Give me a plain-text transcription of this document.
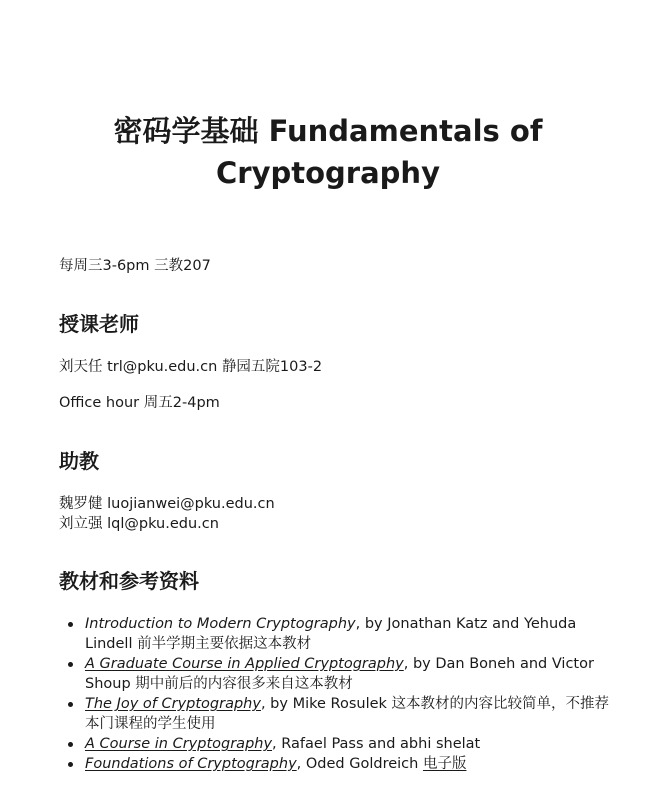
密码学基础 Fundamentals of
Cryptography

每周三3-6pm 三教207

授课老师

刘天任 trl@pku.edu.cn 静园五院103-2

Office hour 周五2-4pm

助教

魏罗健 luojianwei@pku.edu.cn

刘立强 lql@pku.edu.cn

教材和参考资料
Introduction to Modern Cryptography, by Jonathan Katz and Yehuda Lindell 前半学期主要依据这本教材
A Graduate Course in Applied Cryptography, by Dan Boneh and Victor Shoup 期中前后的内容很多来自这本教材
The Joy of Cryptography, by Mike Rosulek 这本教材的内容比较简单，不推荐本门课程的学生使用
A Course in Cryptography, Rafael Pass and abhi shelat
Foundations of Cryptography, Oded Goldreich 电子版
